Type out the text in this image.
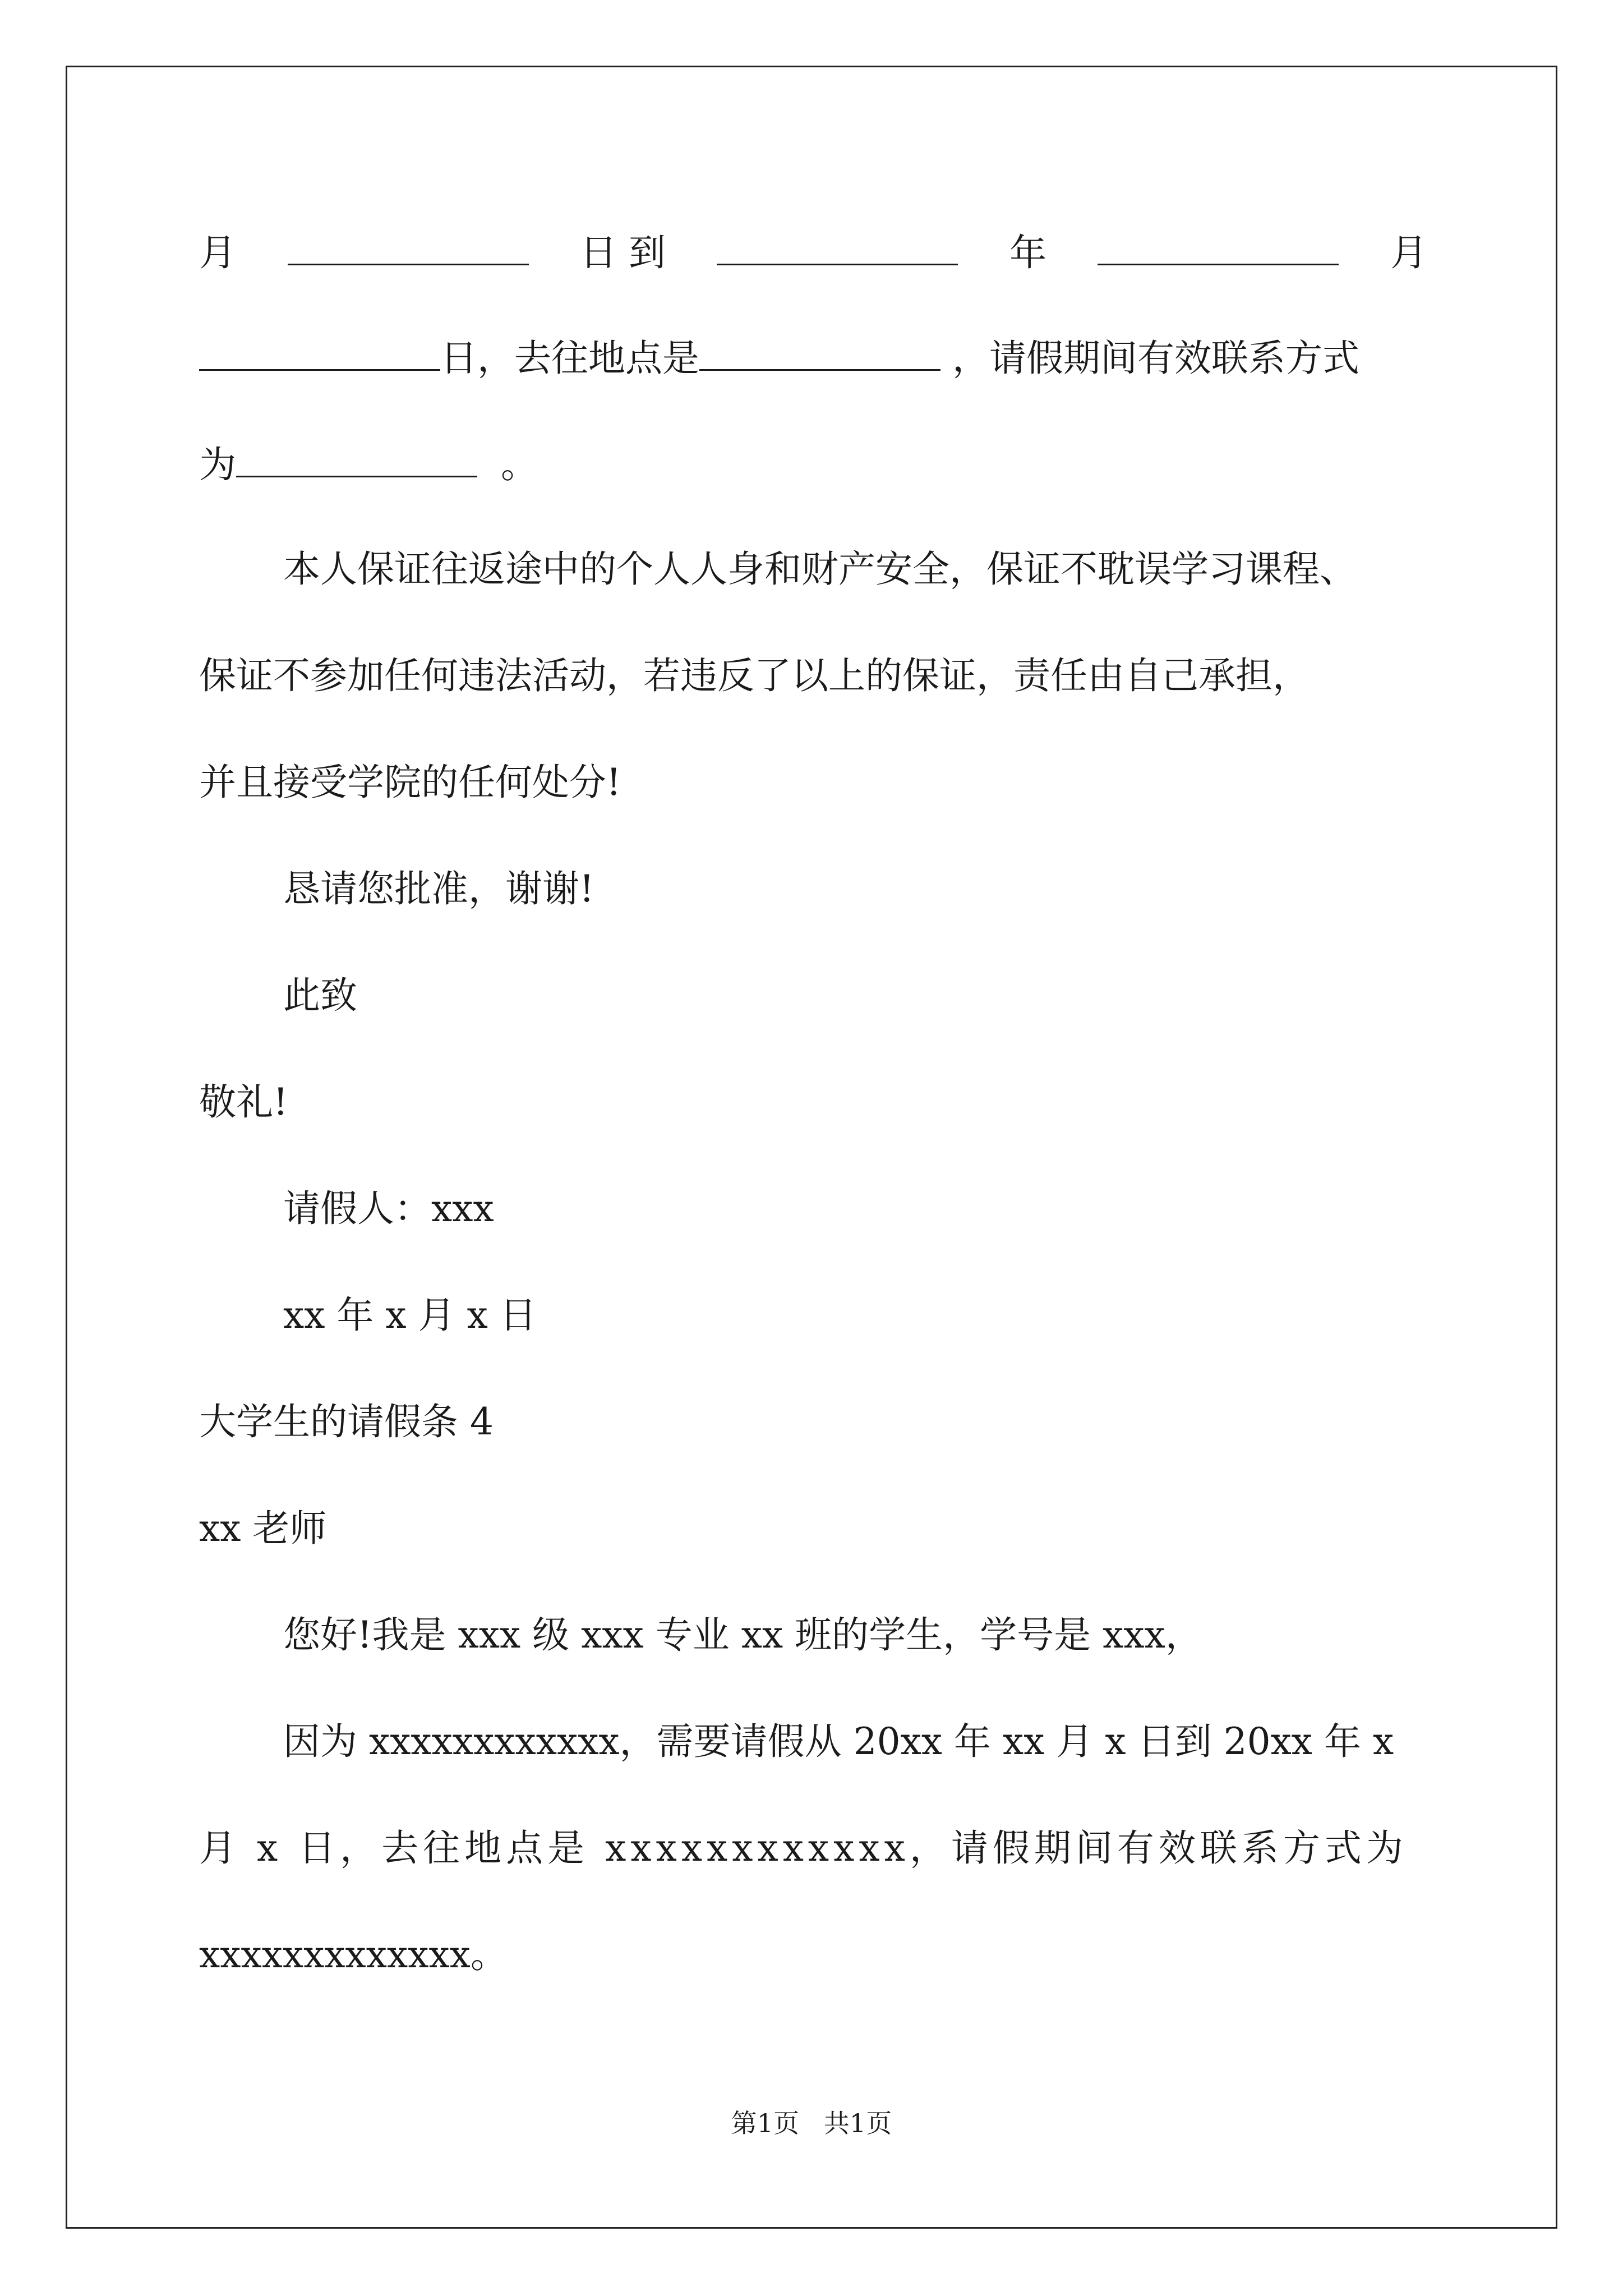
月	日 到	年	月
日，去往地点是	，请假期间有效联系方式
为	。

本人保证往返途中的个人人身和财产安全，保证不耽误学习课程、

保证不参加任何违法活动，若违反了以上的保证，责任由自己承担，

并且接受学院的任何处分!

恳请您批准，谢谢!

此致

敬礼!

请假人：xxx

xx 年 x 月 x 日

大学生的请假条 4

xx 老师

您好!我是 xxx 级 xxx 专业 xx 班的学生，学号是 xxx，

因为 xxxxxxxxxxxx，需要请假从 20xx 年 xx 月 x 日到 20xx 年 x

月 x 日，去往地点是 xxxxxxxxxxxx，请假期间有效联系方式为

xxxxxxxxxxxxx。

第1页   共1页
